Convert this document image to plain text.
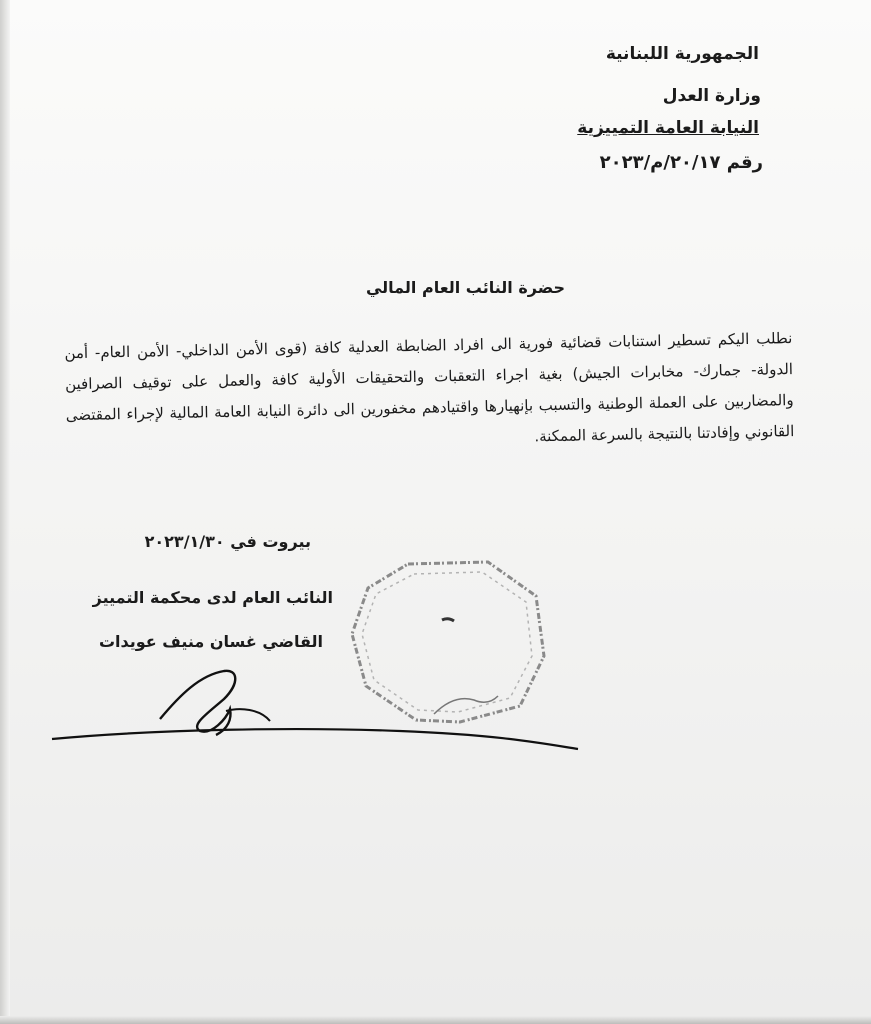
الجمهورية اللبنانية
وزارة العدل
النيابة العامة التمييزية
رقم ٢٠/١٧/م/٢٠٢٣
حضرة النائب العام المالي

نطلب اليكم تسطير استنابات قضائية فورية الى افراد الضابطة العدلية كافة (قوى الأمن الداخلي- الأمن العام- أمن الدولة- جمارك- مخابرات الجيش) بغية اجراء التعقبات والتحقيقات الأولية كافة والعمل على توقيف الصرافين والمضاربين على العملة الوطنية والتسبب بإنهيارها واقتيادهم مخفورين الى دائرة النيابة العامة المالية لإجراء المقتضى القانوني وإفادتنا بالنتيجة بالسرعة الممكنة.

بيروت في ٢٠٢٣/١/٣٠
النائب العام لدى محكمة التمييز
القاضي غسان منيف عويدات
